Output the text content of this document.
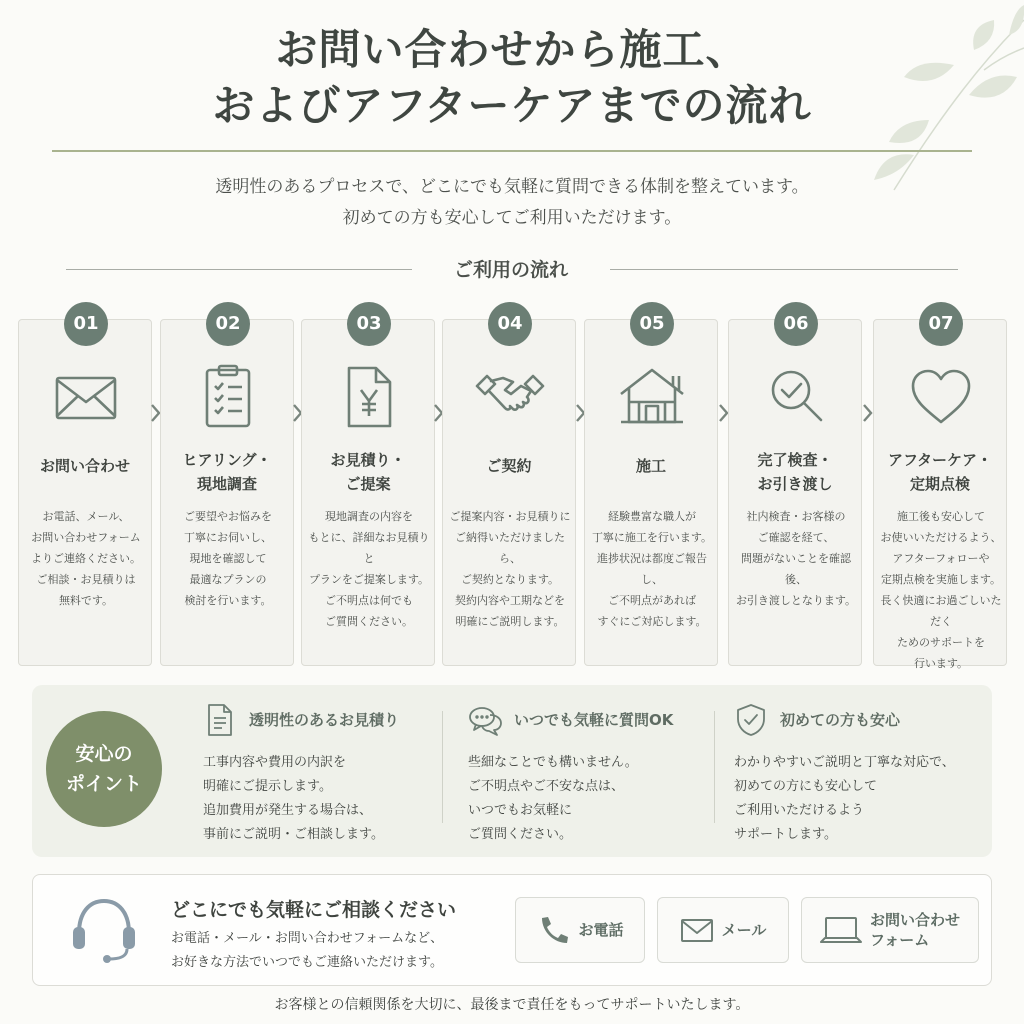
お問い合わせから施工、
およびアフターケアまでの流れ
透明性のあるプロセスで、どこにでも気軽に質問できる体制を整えています。
初めての方も安心してご利用いただけます。
ご利用の流れ
01
お問い合わせ
お電話、メール、
お問い合わせフォーム
よりご連絡ください。
ご相談・お見積りは
無料です。
02
ヒアリング・
現地調査
ご要望やお悩みを
丁寧にお伺いし、
現地を確認して
最適なプランの
検討を行います。
03
お見積り・
ご提案
現地調査の内容を
もとに、詳細なお見積りと
プランをご提案します。
ご不明点は何でも
ご質問ください。
04
ご契約
ご提案内容・お見積りに
ご納得いただけましたら、
ご契約となります。
契約内容や工期などを
明確にご説明します。
05
施工
経験豊富な職人が
丁寧に施工を行います。
進捗状況は都度ご報告し、
ご不明点があれば
すぐにご対応します。
06
完了検査・
お引き渡し
社内検査・お客様の
ご確認を経て、
問題がないことを確認後、
お引き渡しとなります。
07
アフターケア・
定期点検
施工後も安心して
お使いいただけるよう、
アフターフォローや
定期点検を実施します。
長く快適にお過ごしいただく
ためのサポートを
行います。
安心の
ポイント
透明性のあるお見積り
工事内容や費用の内訳を
明確にご提示します。
追加費用が発生する場合は、
事前にご説明・ご相談します。
いつでも気軽に質問OK
些細なことでも構いません。
ご不明点やご不安な点は、
いつでもお気軽に
ご質問ください。
初めての方も安心
わかりやすいご説明と丁寧な対応で、
初めての方にも安心して
ご利用いただけるよう
サポートします。
どこにでも気軽にご相談ください
お電話・メール・お問い合わせフォームなど、
お好きな方法でいつでもご連絡いただけます。
お電話	メール
お問い合わせ
フォーム
お客様との信頼関係を大切に、最後まで責任をもってサポートいたします。
